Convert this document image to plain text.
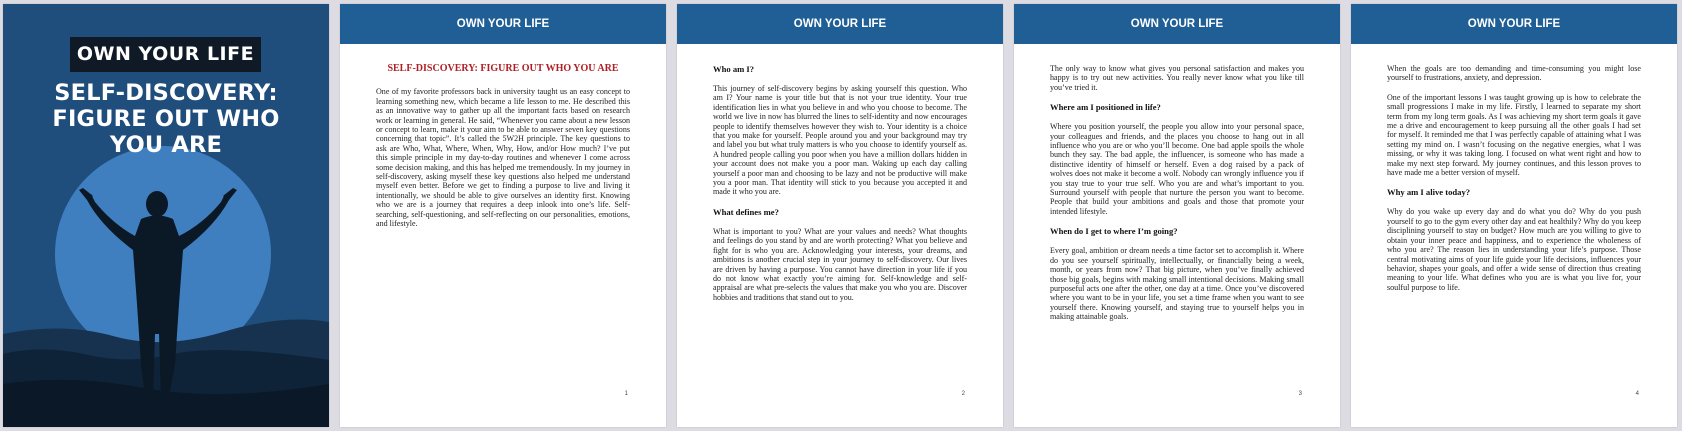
OWN YOUR LIFE
SELF-DISCOVERY:
FIGURE OUT WHO
YOU ARE
OWN YOUR LIFE
SELF-DISCOVERY: FIGURE OUT WHO YOU ARE

One of my favorite professors back in university taught us an easy concept to learning something new, which became a life lesson to me. He described this as an innovative way to gather up all the important facts based on research work or learning in general. He said, “Whenever you came about a new lesson or concept to learn, make it your aim to be able to answer seven key questions concerning that topic”. It’s called the 5W2H principle. The key questions to ask are Who, What, Where, When, Why, How, and/or How much? I’ve put this simple principle in my day-to-day routines and whenever I come across some decision making, and this has helped me tremendously. In my journey in self-discovery, asking myself these key questions also helped me understand myself even better. Before we get to finding a purpose to live and living it intentionally, we should be able to give ourselves an identity first. Knowing who we are is a journey that requires a deep inlook into one’s life. Self-searching, self-questioning, and self-reflecting on our personalities, emotions, and lifestyle.

1
OWN YOUR LIFE
Who am I?

This journey of self-discovery begins by asking yourself this question. Who am I? Your name is your title but that is not your true identity. Your true identification lies in what you believe in and who you choose to become. The world we live in now has blurred the lines to self-identity and now encourages people to identify themselves however they wish to. Your identity is a choice that you make for yourself. People around you and your background may try and label you but what truly matters is who you choose to identify yourself as. A hundred people calling you poor when you have a million dollars hidden in your account does not make you a poor man. Waking up each day calling yourself a poor man and choosing to be lazy and not be productive will make you a poor man. That identity will stick to you because you accepted it and made it who you are.

What defines me?

What is important to you? What are your values and needs? What thoughts and feelings do you stand by and are worth protecting? What you believe and fight for is who you are. Acknowledging your interests, your dreams, and ambitions is another crucial step in your journey to self-discovery. Our lives are driven by having a purpose. You cannot have direction in your life if you do not know what exactly you’re aiming for. Self-knowledge and self-appraisal are what pre-selects the values that make you who you are. Discover hobbies and traditions that stand out to you.

2
OWN YOUR LIFE

The only way to know what gives you personal satisfaction and makes you happy is to try out new activities. You really never know what you like till you’ve tried it.

Where am I positioned in life?

Where you position yourself, the people you allow into your personal space, your colleagues and friends, and the places you choose to hang out in all influence who you are or who you’ll become. One bad apple spoils the whole bunch they say. The bad apple, the influencer, is someone who has made a distinctive identity of himself or herself. Even a dog raised by a pack of wolves does not make it become a wolf. Nobody can wrongly influence you if you stay true to your true self. Who you are and what’s important to you. Surround yourself with people that nurture the person you want to become. People that build your ambitions and goals and those that promote your intended lifestyle.

When do I get to where I’m going?

Every goal, ambition or dream needs a time factor set to accomplish it. Where do you see yourself spiritually, intellectually, or financially being a week, month, or years from now? That big picture, when you’ve finally achieved those big goals, begins with making small intentional decisions. Making small purposeful acts one after the other, one day at a time. Once you’ve discovered where you want to be in your life, you set a time frame when you want to see yourself there. Knowing yourself, and staying true to yourself helps you in making attainable goals.

3
OWN YOUR LIFE

When the goals are too demanding and time-consuming you might lose yourself to frustrations, anxiety, and depression.

One of the important lessons I was taught growing up is how to celebrate the small progressions I make in my life. Firstly, I learned to separate my short term from my long term goals. As I was achieving my short term goals it gave me a drive and encouragement to keep pursuing all the other goals I had set for myself. It reminded me that I was perfectly capable of attaining what I was setting my mind on. I wasn’t focusing on the negative energies, what I was missing, or why it was taking long. I focused on what went right and how to make my next step forward. My journey continues, and this lesson proves to have made me a better version of myself.

Why am I alive today?

Why do you wake up every day and do what you do? Why do you push yourself to go to the gym every other day and eat healthily? Why do you keep disciplining yourself to stay on budget? How much are you willing to give to obtain your inner peace and happiness, and to experience the wholeness of who you are? The reason lies in understanding your life’s purpose. Those central motivating aims of your life guide your life decisions, influences your behavior, shapes your goals, and offer a wide sense of direction thus creating meaning to your life. What defines who you are is what you live for, your soulful purpose to life.

4
